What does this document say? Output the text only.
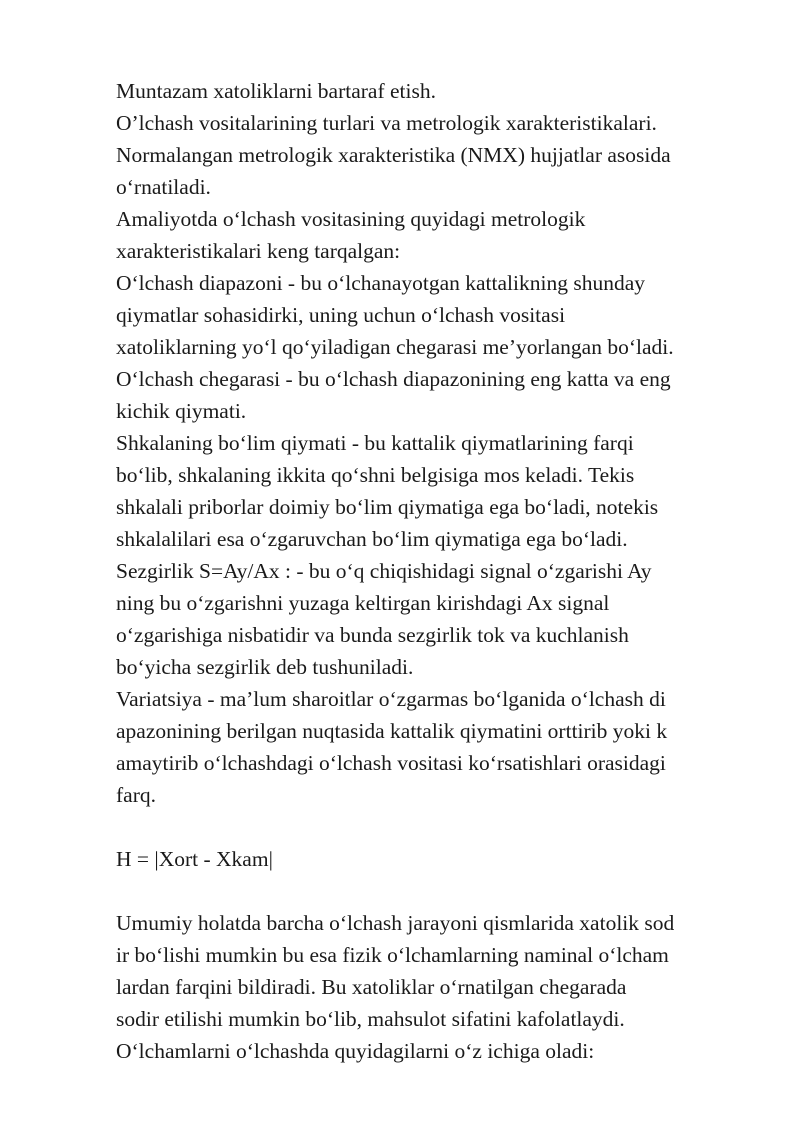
Muntazam xatoliklarni bartaraf etish.
O’lchash vositalarining turlari va metrologik xarakteristikalari.
Normalangan metrologik xarakteristika (NMX) hujjatlar asosida
oʻrnatiladi.
Amaliyotda oʻlchash vositasining quyidagi metrologik
xarakteristikalari keng tarqalgan:
Oʻlchash diapazoni - bu oʻlchanayotgan kattalikning shunday
qiymatlar sohasidirki, uning uchun oʻlchash vositasi
xatoliklarning yoʻl qoʻyiladigan chegarasi me’yorlangan boʻladi.
Oʻlchash chegarasi - bu oʻlchash diapazonining eng katta va eng
kichik qiymati.
Shkalaning boʻlim qiymati - bu kattalik qiymatlarining farqi
boʻlib, shkalaning ikkita qoʻshni belgisiga mos keladi. Tekis
shkalali priborlar doimiy boʻlim qiymatiga ega boʻladi, notekis
shkalalilari esa oʻzgaruvchan boʻlim qiymatiga ega boʻladi.
Sezgirlik S=Ay/Ax : - bu oʻq chiqishidagi signal oʻzgarishi Ay
ning bu oʻzgarishni yuzaga keltirgan kirishdagi Ax signal
oʻzgarishiga nisbatidir va bunda sezgirlik tok va kuchlanish
boʻyicha sezgirlik deb tushuniladi.
Variatsiya - ma’lum sharoitlar oʻzgarmas boʻlganida oʻlchash di
apazonining berilgan nuqtasida kattalik qiymatini orttirib yoki k
amaytirib oʻlchashdagi oʻlchash vositasi koʻrsatishlari orasidagi
farq.
H = |Xort - Xkam|
Umumiy holatda barcha oʻlchash jarayoni qismlarida xatolik sod
ir boʻlishi mumkin bu esa fizik oʻlchamlarning naminal oʻlcham
lardan farqini bildiradi. Bu xatoliklar oʻrnatilgan chegarada
sodir etilishi mumkin boʻlib, mahsulot sifatini kafolatlaydi.
Oʻlchamlarni oʻlchashda quyidagilarni oʻz ichiga oladi:
